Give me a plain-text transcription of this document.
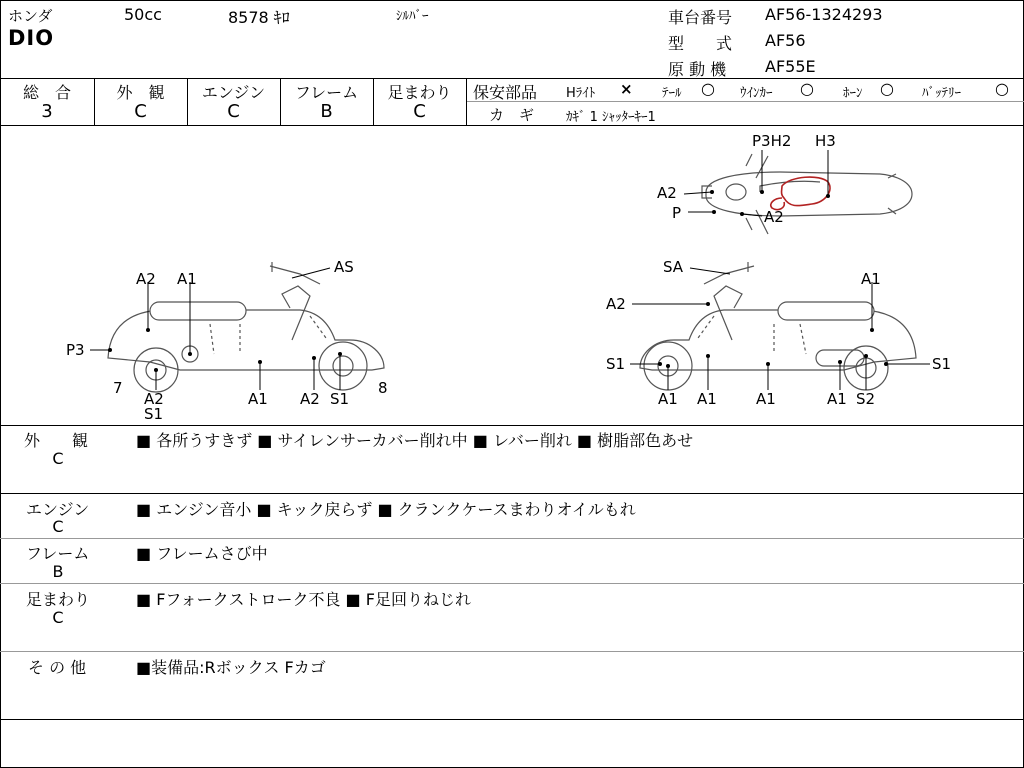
ホンダ	50cc	8578 ｷﾛ	ｼﾙﾊﾞｰ
DIO
車台番号 AF56-1324293
型　　式 AF56
原 動 機 AF55E
総　合
3
外　観
C
エンジン
C
フレーム
B
足まわり
C
保安部品 Hﾗｲﾄ × ﾃｰﾙ ○ ｳｲﾝｶｰ ○ ﾎｰﾝ ○ ﾊﾞｯﾃﾘｰ ○
カ　ギ ｶｷﾞ 1 ｼｬｯﾀｰｷｰ1
P3H2 H3
A2
P	A2
A2 A1
AS
P3
7
A2
S1
A1 A2 S1
8
SA
A1
A2
S1	S1
A1 A1	A1	A1 S2
外　　観
C
■ 各所うすきず ■ サイレンサーカバー削れ中 ■ レバー削れ ■ 樹脂部色あせ
エンジン
C
■ エンジン音小 ■ キック戻らず ■ クランクケースまわりオイルもれ
フレーム
B
■ フレームさび中
足まわり
C
■ Fフォークストローク不良 ■ F足回りねじれ
そ の 他	■装備品:Rボックス Fカゴ
